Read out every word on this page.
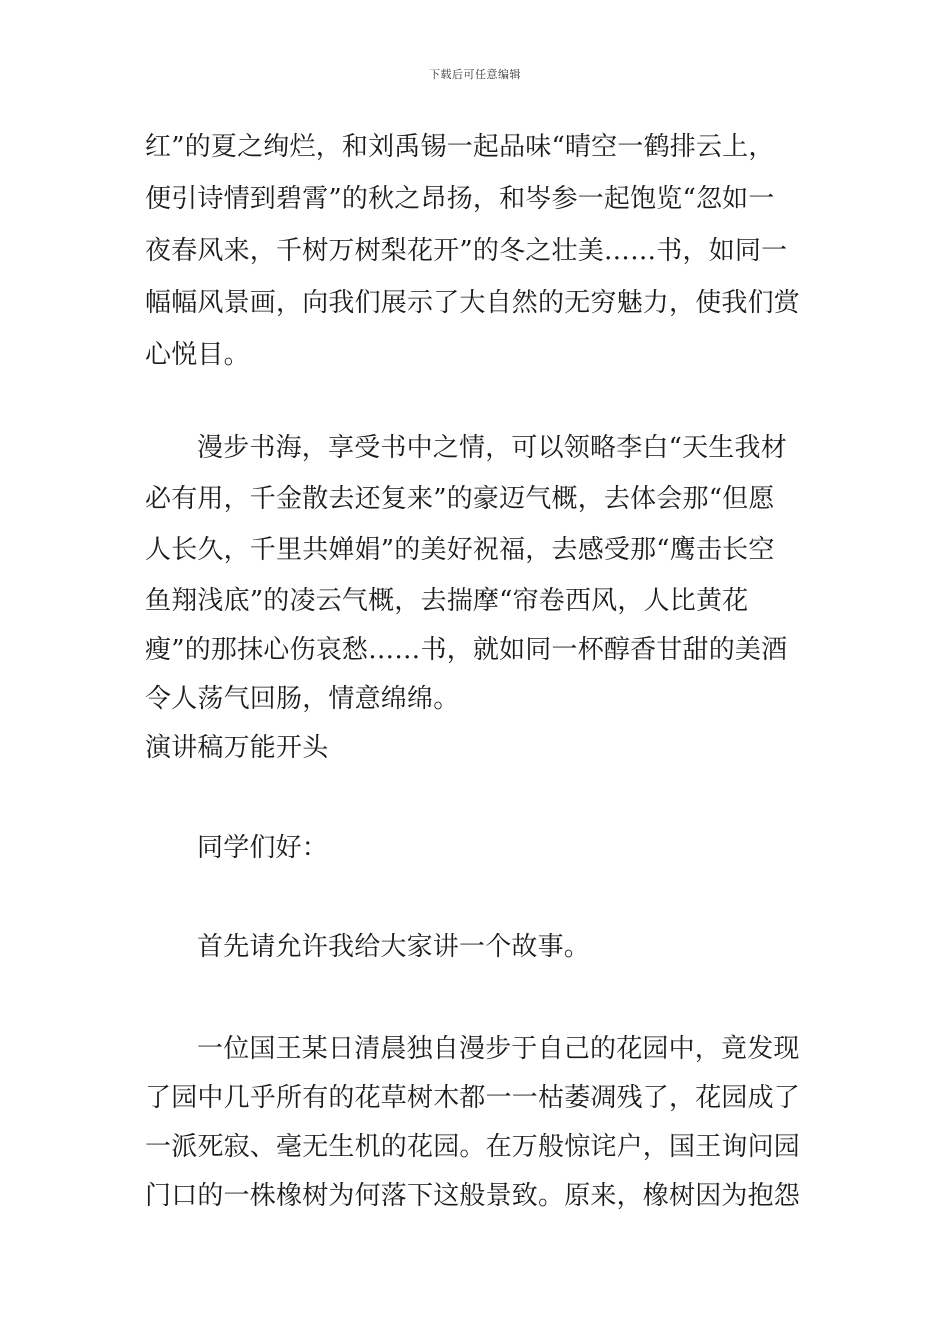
下载后可任意编辑
红”的夏之绚烂，和刘禹锡一起品味“晴空一鹤排云上，
便引诗情到碧霄”的秋之昂扬，和岑参一起饱览“忽如一
夜春风来，千树万树梨花开”的冬之壮美……书，如同一
幅幅风景画，向我们展示了大自然的无穷魅力，使我们赏
心悦目。
漫步书海，享受书中之情，可以领略李白“天生我材
必有用，千金散去还复来”的豪迈气概，去体会那“但愿
人长久，千里共婵娟”的美好祝福，去感受那“鹰击长空
鱼翔浅底”的凌云气概，去揣摩“帘卷西风，人比黄花
瘦”的那抹心伤哀愁……书，就如同一杯醇香甘甜的美酒
令人荡气回肠，情意绵绵。
演讲稿万能开头
同学们好：
首先请允许我给大家讲一个故事。
一位国王某日清晨独自漫步于自己的花园中，竟发现
了园中几乎所有的花草树木都一一枯萎凋残了，花园成了
一派死寂、毫无生机的花园。在万般惊诧户，国王询问园
门口的一株橡树为何落下这般景致。原来，橡树因为抱怨
